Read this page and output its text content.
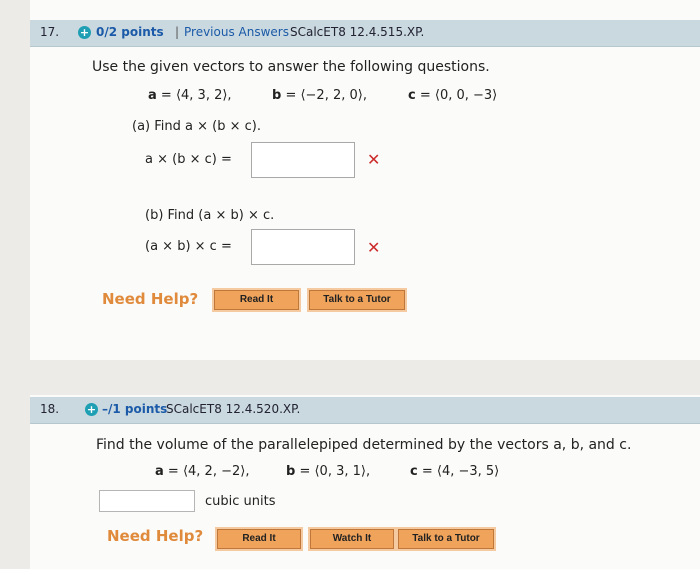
17. + 0/2 points | Previous Answers SCalcET8 12.4.515.XP.
Use the given vectors to answer the following questions.
a = ⟨4, 3, 2⟩,	b = ⟨−2, 2, 0⟩,	c = ⟨0, 0, −3⟩
(a) Find a × (b × c).
a × (b × c) =	✕
(b) Find (a × b) × c.
(a × b) × c =	✕
Need Help?	Read It	Talk to a Tutor
18.	+ –/1 points
SCalcET8 12.4.520.XP.
Find the volume of the parallelepiped determined by the vectors a, b, and c.
a = ⟨4, 2, −2⟩,	b = ⟨0, 3, 1⟩,	c = ⟨4, −3, 5⟩
cubic units
Need Help?	Read It	Watch It	Talk to a Tutor
